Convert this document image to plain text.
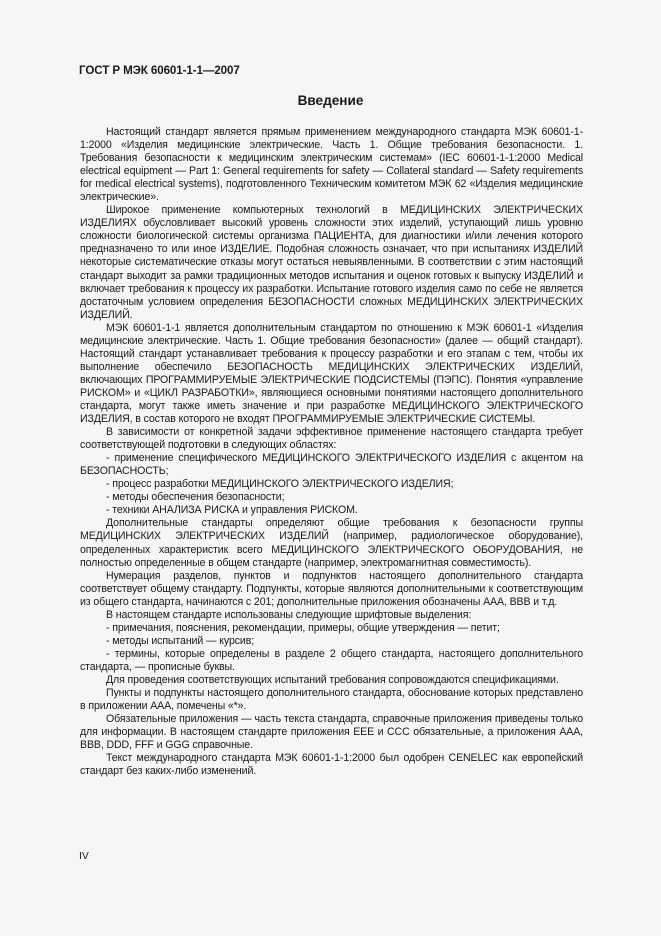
ГОСТ Р МЭК 60601-1-1—2007
Введение

Настоящий стандарт является прямым применением международного стандарта МЭК 60601-1-1:2000 «Изделия медицинские электрические. Часть 1. Общие требования безопасности. 1. Требования безопасности к медицинским электрическим системам» (IEC 60601-1-1:2000 Medical electrical equipment — Part 1: General requirements for safety — Collateral standard — Safety requirements for medical electrical systems), подготовленного Техническим комитетом МЭК 62 «Изделия медицинские электрические».

Широкое применение компьютерных технологий в МЕДИЦИНСКИХ ЭЛЕКТРИЧЕСКИХ ИЗДЕЛИЯХ обусловливает высокий уровень сложности этих изделий, уступающий лишь уровню сложности биологической системы организма ПАЦИЕНТА, для диагностики и/или лечения которого предназначено то или иное ИЗДЕЛИЕ. Подобная сложность означает, что при испытаниях ИЗДЕЛИЙ некоторые систематические отказы могут остаться невыявленными. В соответствии с этим настоящий стандарт выходит за рамки традиционных методов испытания и оценок готовых к выпуску ИЗДЕЛИЙ и включает требования к процессу их разработки. Испытание готового изделия само по себе не является достаточным условием определения БЕЗОПАСНОСТИ сложных МЕДИЦИНСКИХ ЭЛЕКТРИЧЕСКИХ ИЗДЕЛИЙ.

МЭК 60601-1-1 является дополнительным стандартом по отношению к МЭК 60601-1 «Изделия медицинские электрические. Часть 1. Общие требования безопасности» (далее — общий стандарт). Настоящий стандарт устанавливает требования к процессу разработки и его этапам с тем, чтобы их выполнение обеспечило БЕЗОПАСНОСТЬ МЕДИЦИНСКИХ ЭЛЕКТРИЧЕСКИХ ИЗДЕЛИЙ, включающих ПРОГРАММИРУЕМЫЕ ЭЛЕКТРИЧЕСКИЕ ПОДСИСТЕМЫ (ПЭПС). Понятия «управление РИСКОМ» и «ЦИКЛ РАЗРАБОТКИ», являющиеся основными понятиями настоящего дополнительного стандарта, могут также иметь значение и при разработке МЕДИЦИНСКОГО ЭЛЕКТРИЧЕСКОГО ИЗДЕЛИЯ, в состав которого не входят ПРОГРАММИРУЕМЫЕ ЭЛЕКТРИЧЕСКИЕ СИСТЕМЫ.

В зависимости от конкретной задачи эффективное применение настоящего стандарта требует соответствующей подготовки в следующих областях:

- применение специфического МЕДИЦИНСКОГО ЭЛЕКТРИЧЕСКОГО ИЗДЕЛИЯ с акцентом на БЕЗОПАСНОСТЬ;

- процесс разработки МЕДИЦИНСКОГО ЭЛЕКТРИЧЕСКОГО ИЗДЕЛИЯ;

- методы обеспечения безопасности;

- техники АНАЛИЗА РИСКА и управления РИСКОМ.

Дополнительные стандарты определяют общие требования к безопасности группы МЕДИЦИНСКИХ ЭЛЕКТРИЧЕСКИХ ИЗДЕЛИЙ (например, радиологическое оборудование), определенных характеристик всего МЕДИЦИНСКОГО ЭЛЕКТРИЧЕСКОГО ОБОРУДОВАНИЯ, не полностью определенные в общем стандарте (например, электромагнитная совместимость).

Нумерация разделов, пунктов и подпунктов настоящего дополнительного стандарта соответствует общему стандарту. Подпункты, которые являются дополнительными к соответствующим из общего стандарта, начинаются с 201; дополнительные приложения обозначены AAA, BBB и т.д.

В настоящем стандарте использованы следующие шрифтовые выделения:

- примечания, пояснения, рекомендации, примеры, общие утверждения — петит;

- методы испытаний — курсив;

- термины, которые определены в разделе 2 общего стандарта, настоящего дополнительного стандарта, — прописные буквы.

Для проведения соответствующих испытаний требования сопровождаются спецификациями.

Пункты и подпункты настоящего дополнительного стандарта, обоснование которых представлено в приложении AAA, помечены «*».

Обязательные приложения — часть текста стандарта, справочные приложения приведены только для информации. В настоящем стандарте приложения EEE и CCC обязательные, а приложения AAA, BBB, DDD, FFF и GGG справочные.

Текст международного стандарта МЭК 60601-1-1:2000 был одобрен CENELEC как европейский стандарт без каких-либо изменений.

IV
